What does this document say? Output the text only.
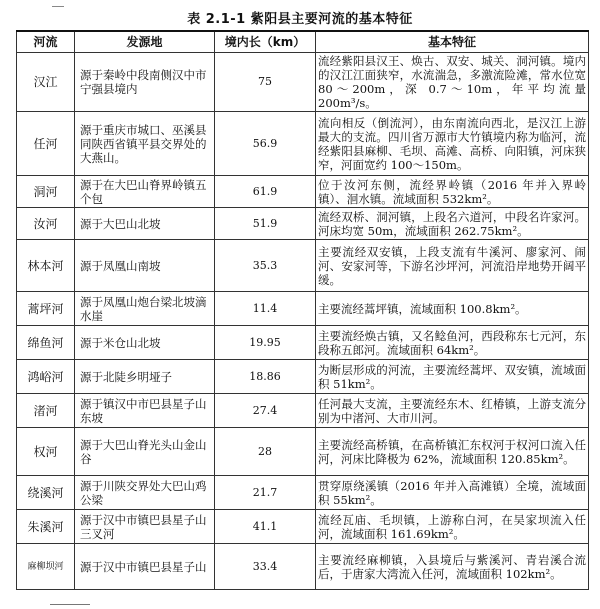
表 2.1-1 紫阳县主要河流的基本特征
河流	发源地	境内长（km）	基本特征
汉江	源于秦岭中段南侧汉中市宁强县境内	75	流经紫阳县汉王、焕古、双安、城关、洞河镇。境内的汉江江面狭窄，水流湍急，多激流险滩，常水位宽 80～200m，深 0.7～10m，年平均流量 200m³/s。
任河	源于重庆市城口、巫溪县同陕西省镇平县交界处的大燕山。	56.9	流向相反（倒流河），由东南流向西北，是汉江上游最大的支流。四川省万源市大竹镇境内称为临河，流经紫阳县麻柳、毛坝、高滩、高桥、向阳镇，河床狭窄，河面宽约 100～150m。
洞河	源于在大巴山脊界岭镇五个包	61.9	位于汝河东侧，流经界岭镇（2016 年并入界岭镇）、洄水镇。流域面积 532km²。
汝河	源于大巴山北坡	51.9	流经双桥、洞河镇，上段名六道河，中段名许家河。河床均宽 50m，流域面积 262.75km²。
林本河	源于凤凰山南坡	35.3	主要流经双安镇，上段支流有牛溪河、廖家河、闹河、安家河等，下游名沙坪河，河流沿岸地势开阔平缓。
蒿坪河	源于凤凰山炮台梁北坡滴水崖	11.4	主要流经蒿坪镇，流域面积 100.8km²。
绵鱼河	源于米仓山北坡	19.95	主要流经焕古镇，又名鲶鱼河，西段称东七元河，东段称五郎河。流域面积 64km²。
鸿峪河	源于北陡乡明垭子	18.86	为断层形成的河流，主要流经蒿坪、双安镇，流域面积 51km²。
渚河	源于镇汉中市巴县星子山东坡	27.4	任河最大支流，主要流经东木、红椿镇，上游支流分别为中渚河、大市川河。
权河	源于大巴山脊光头山金山谷	28	主要流经高桥镇，在高桥镇汇东权河于权河口流入任河，河床比降极为 62%，流域面积 120.85km²。
绕溪河	源于川陕交界处大巴山鸡公梁	21.7	贯穿原绕溪镇（2016 年并入高滩镇）全境，流域面积 55km²。
朱溪河	源于汉中市镇巴县星子山三叉河	41.1	流经瓦庙、毛坝镇，上游称白河，在吴家坝流入任河，流域面积 161.69km²。
麻柳坝河	源于汉中市镇巴县星子山	33.4	主要流经麻柳镇，入县境后与紫溪河、青岩溪合流后，于唐家大湾流入任河，流域面积 102km²。
